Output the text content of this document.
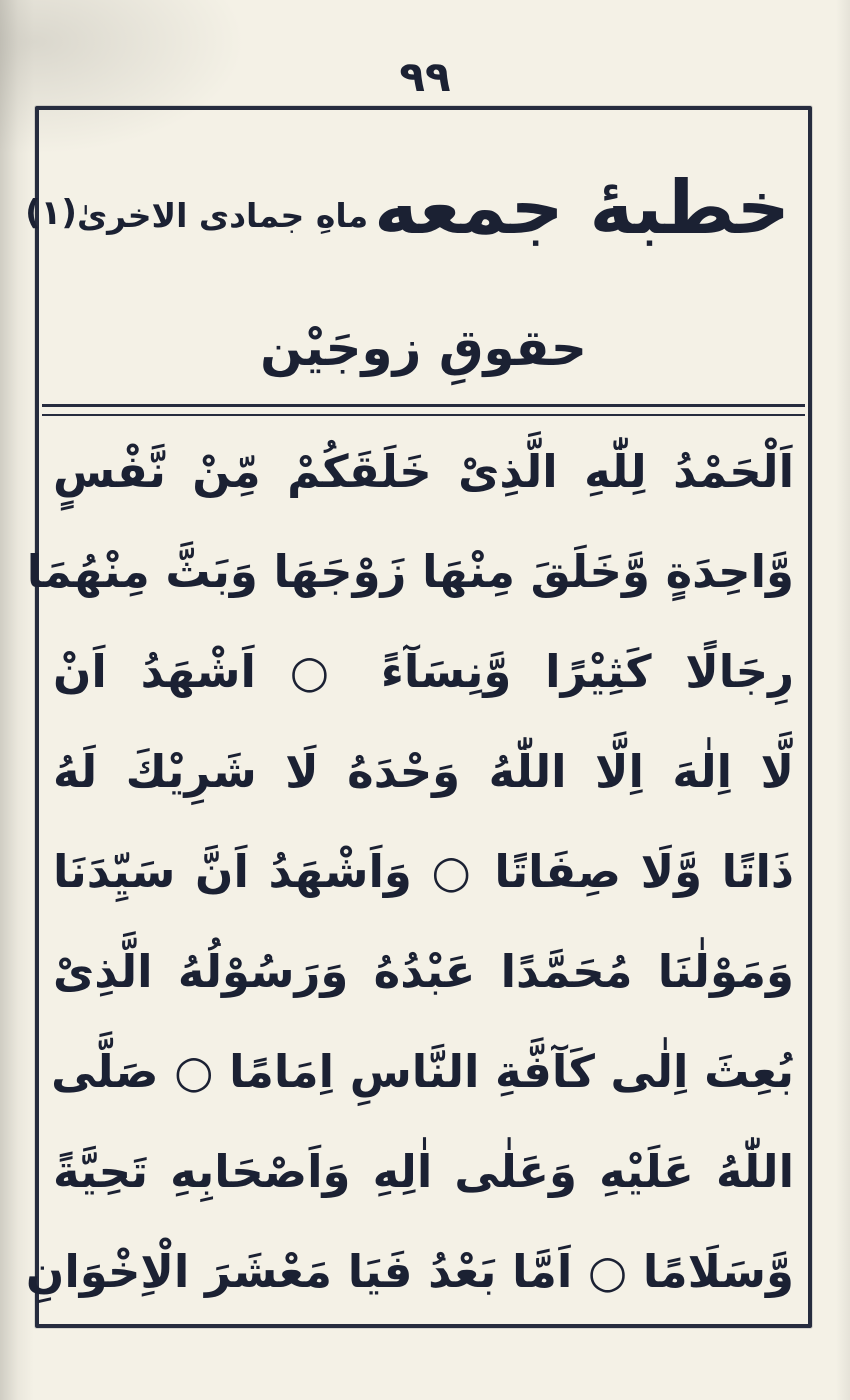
۹۹
خطبهٔ جمعه
ماهِ جمادی الاخریٰ
(۱)
حقوقِ زوجَیْن
اَلْحَمْدُ لِلّٰهِ الَّذِیْ خَلَقَكُمْ مِّنْ نَّفْسٍ
وَّاحِدَةٍ وَّخَلَقَ مِنْهَا زَوْجَهَا وَبَثَّ مِنْهُمَا
رِجَالًا كَثِیْرًا وَّنِسَآءً ○ اَشْهَدُ اَنْ
لَّا اِلٰهَ اِلَّا اللّٰهُ وَحْدَهُ لَا شَرِیْكَ لَهُ
ذَاتًا وَّلَا صِفَاتًا ○ وَاَشْهَدُ اَنَّ سَیِّدَنَا
وَمَوْلٰنَا مُحَمَّدًا عَبْدُهُ وَرَسُوْلُهُ الَّذِیْ
بُعِثَ اِلٰی كَآفَّةِ النَّاسِ اِمَامًا ○ صَلَّی
اللّٰهُ عَلَیْهِ وَعَلٰی اٰلِهِ وَاَصْحَابِهِ تَحِیَّةً
وَّسَلَامًا ○ اَمَّا بَعْدُ فَیَا مَعْشَرَ الْاِخْوَانِ
